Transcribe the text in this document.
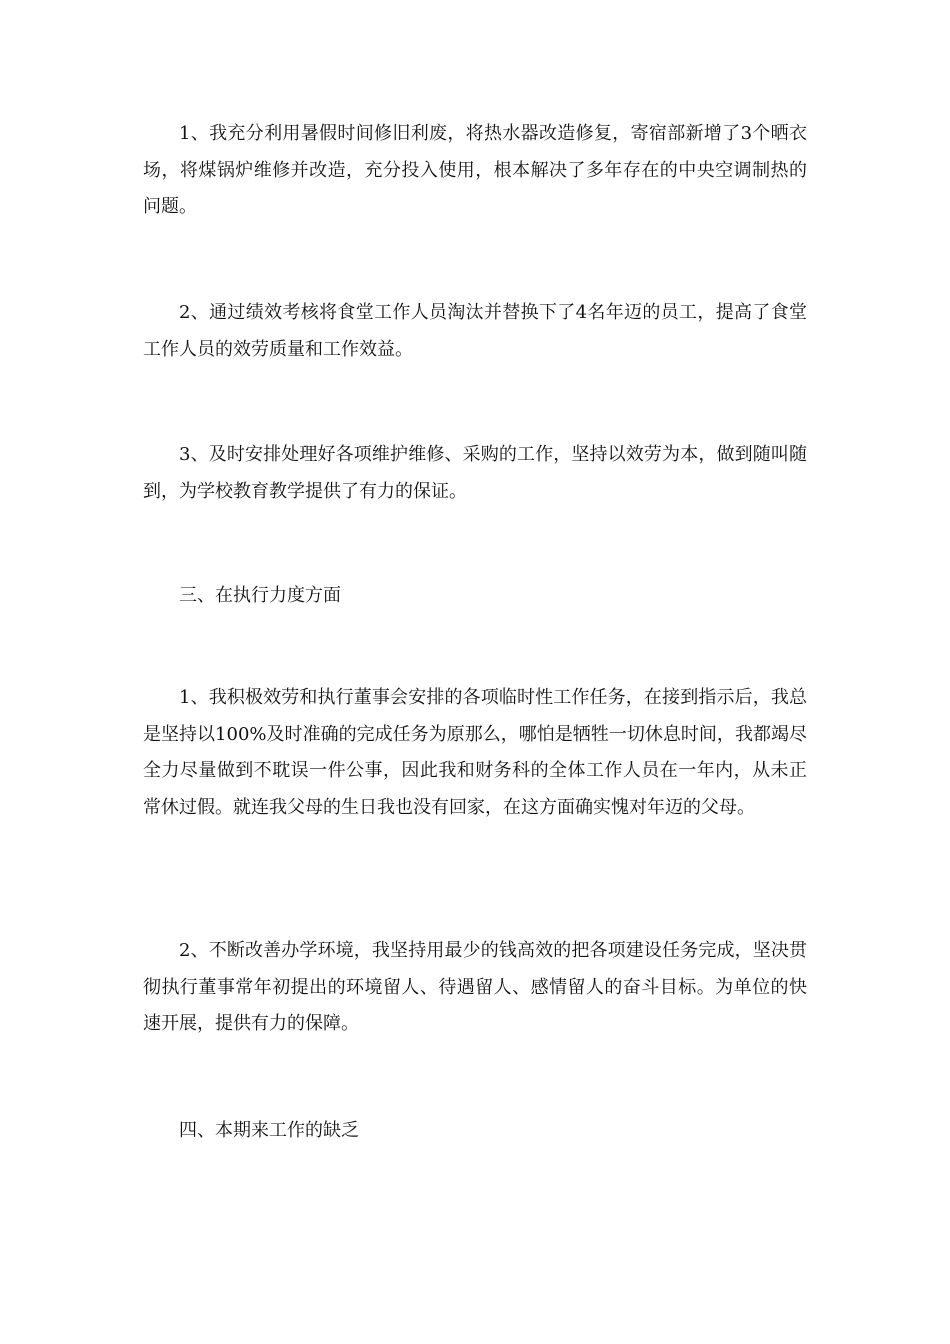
1、我充分利用暑假时间修旧利废，将热水器改造修复，寄宿部新增了3个晒衣场，将煤锅炉维修并改造，充分投入使用，根本解决了多年存在的中央空调制热的问题。

2、通过绩效考核将食堂工作人员淘汰并替换下了4名年迈的员工，提高了食堂工作人员的效劳质量和工作效益。

3、及时安排处理好各项维护维修、采购的工作，坚持以效劳为本，做到随叫随到，为学校教育教学提供了有力的保证。

三、在执行力度方面

1、我积极效劳和执行董事会安排的各项临时性工作任务，在接到指示后，我总是坚持以100%及时准确的完成任务为原那么，哪怕是牺牲一切休息时间，我都竭尽全力尽量做到不耽误一件公事，因此我和财务科的全体工作人员在一年内，从未正常休过假。就连我父母的生日我也没有回家，在这方面确实愧对年迈的父母。

2、不断改善办学环境，我坚持用最少的钱高效的把各项建设任务完成，坚决贯彻执行董事常年初提出的环境留人、待遇留人、感情留人的奋斗目标。为单位的快速开展，提供有力的保障。

四、本期来工作的缺乏
